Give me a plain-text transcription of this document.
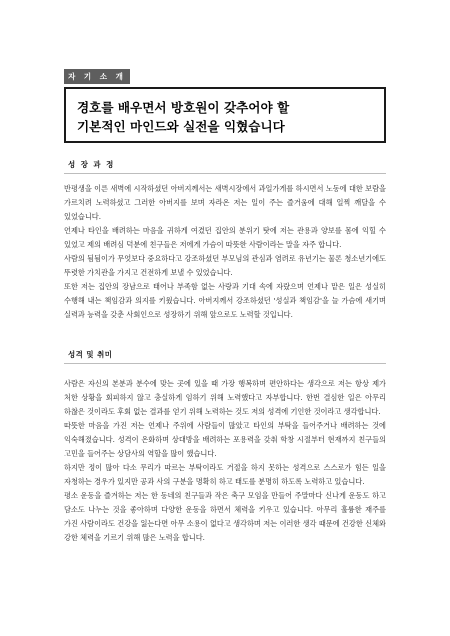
자 기 소 개 서
경호를 배우면서 방호원이 갖추어야 할
기본적인 마인드와 실전을 익혔습니다
성 장 과 정

반평생을 이른 새벽에 시작하셨던 아버지께서는 새벽시장에서 과일가게를 하시면서 노동에 대한 보람을 가르치려 노력하셨고 그러한 아버지를 보며 자라온 저는 일이 주는 즐거움에 대해 일찍 깨달을 수 있었습니다.

언제나 타인을 배려하는 마음을 귀하게 여겼던 집안의 분위기 탓에 저는 관용과 양보를 몸에 익힐 수 있었고 제의 배려심 덕분에 친구들은 저에게 가슴이 따뜻한 사람이라는 말을 자주 합니다.

사람의 됨됨이가 무엇보다 중요하다고 강조하셨던 부모님의 관심과 염려로 유년기는 물론 청소년기에도 뚜렷한 가치관을 가지고 건전하게 보낼 수 있었습니다.

또한 저는 집안의 장남으로 태어나 부족함 없는 사랑과 기대 속에 자랐으며 언제나 맡은 일은 성실히 수행해 내는 책임감과 의지를 키웠습니다. 아버지께서 강조하셨던 '성실과 책임감'을 늘 가슴에 새기며 실력과 능력을 갖춘 사회인으로 성장하기 위해 앞으로도 노력할 것입니다.

성격 및 취미

사람은 자신의 본분과 분수에 맞는 곳에 있을 때 가장 행복하며 편안하다는 생각으로 저는 항상 제가 처한 상황을 회피하지 않고 충실하게 임하기 위해 노력했다고 자부합니다. 한번 결심한 일은 아무리 하찮은 것이라도 후회 없는 결과를 얻기 위해 노력하는 것도 저의 성격에 기인한 것이라고 생각합니다.

따뜻한 마음을 가진 저는 언제나 주위에 사람들이 많았고 타인의 부탁을 들어주거나 배려하는 것에 익숙해졌습니다. 성격이 온화하며 상대방을 배려하는 포용력을 갖춰 학창 시절부터 현재까지 친구들의 고민을 들어주는 상담사의 역할을 많이 했습니다.

하지만 정이 많아 다소 무리가 따르는 부탁이라도 거절을 하지 못하는 성격으로 스스로가 힘든 일을 자청하는 경우가 있지만 공과 사의 구분을 명확히 하고 태도를 분명히 하도록 노력하고 있습니다.

평소 운동을 즐겨하는 저는 한 동네의 친구들과 작은 축구 모임을 만들어 주말마다 신나게 운동도 하고 담소도 나누는 것을 좋아하며 다양한 운동을 하면서 체력을 키우고 있습니다. 아무리 훌륭한 재주를 가진 사람이라도 건강을 잃는다면 아무 소용이 없다고 생각하며 저는 이러한 생각 때문에 건강한 신체와 강한 체력을 기르기 위해 많은 노력을 합니다.
